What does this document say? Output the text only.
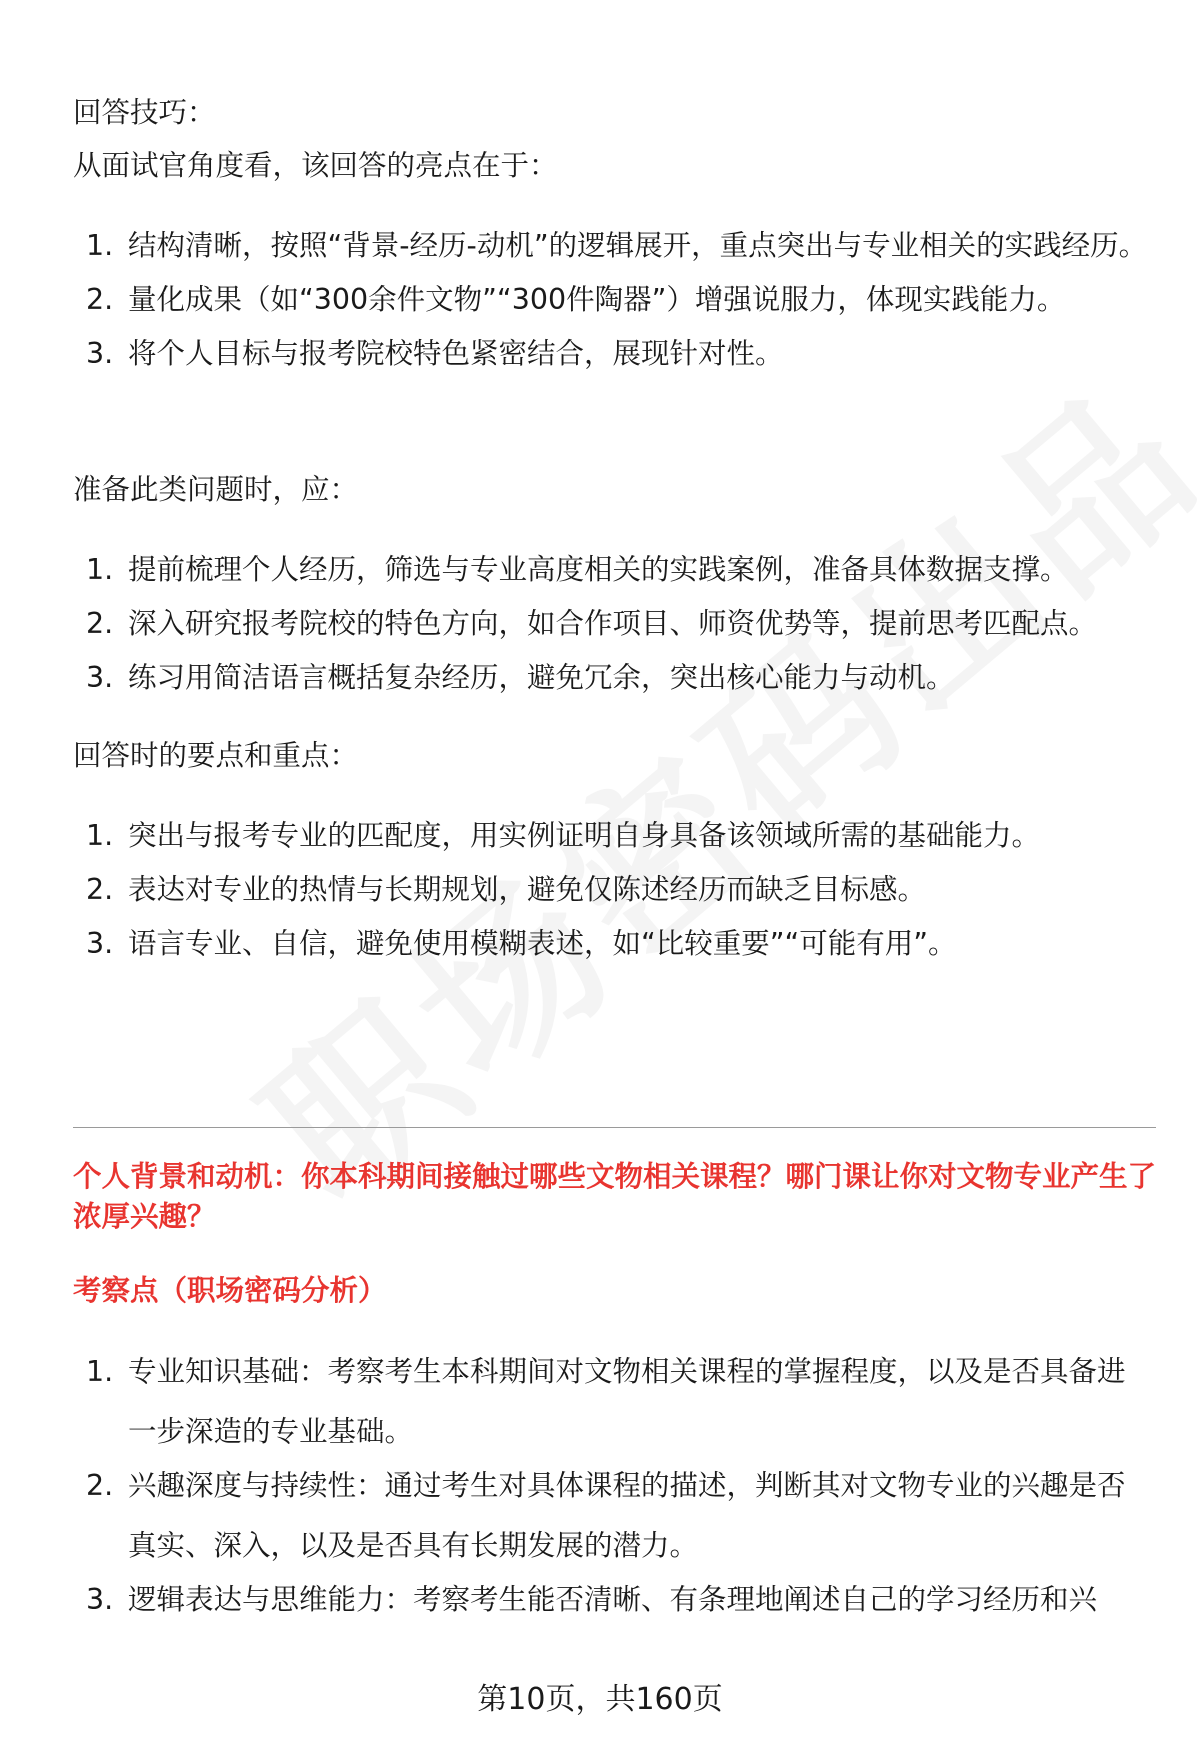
回答技巧：

从面试官角度看，该回答的亮点在于：

1. 结构清晰，按照“背景-经历-动机”的逻辑展开，重点突出与专业相关的实践经历。
2. 量化成果（如“300余件文物”“300件陶器”）增强说服力，体现实践能力。
3. 将个人目标与报考院校特色紧密结合，展现针对性。

准备此类问题时，应：

1. 提前梳理个人经历，筛选与专业高度相关的实践案例，准备具体数据支撑。
2. 深入研究报考院校的特色方向，如合作项目、师资优势等，提前思考匹配点。
3. 练习用简洁语言概括复杂经历，避免冗余，突出核心能力与动机。

回答时的要点和重点：

1. 突出与报考专业的匹配度，用实例证明自身具备该领域所需的基础能力。
2. 表达对专业的热情与长期规划，避免仅陈述经历而缺乏目标感。
3. 语言专业、自信，避免使用模糊表述，如“比较重要”“可能有用”。

个人背景和动机：你本科期间接触过哪些文物相关课程？哪门课让你对文物专业产生了浓厚兴趣？

考察点（职场密码分析）

1. 专业知识基础：考察考生本科期间对文物相关课程的掌握程度，以及是否具备进一步深造的专业基础。
2. 兴趣深度与持续性：通过考生对具体课程的描述，判断其对文物专业的兴趣是否真实、深入，以及是否具有长期发展的潜力。
3. 逻辑表达与思维能力：考察考生能否清晰、有条理地阐述自己的学习经历和兴
第10页，共160页
